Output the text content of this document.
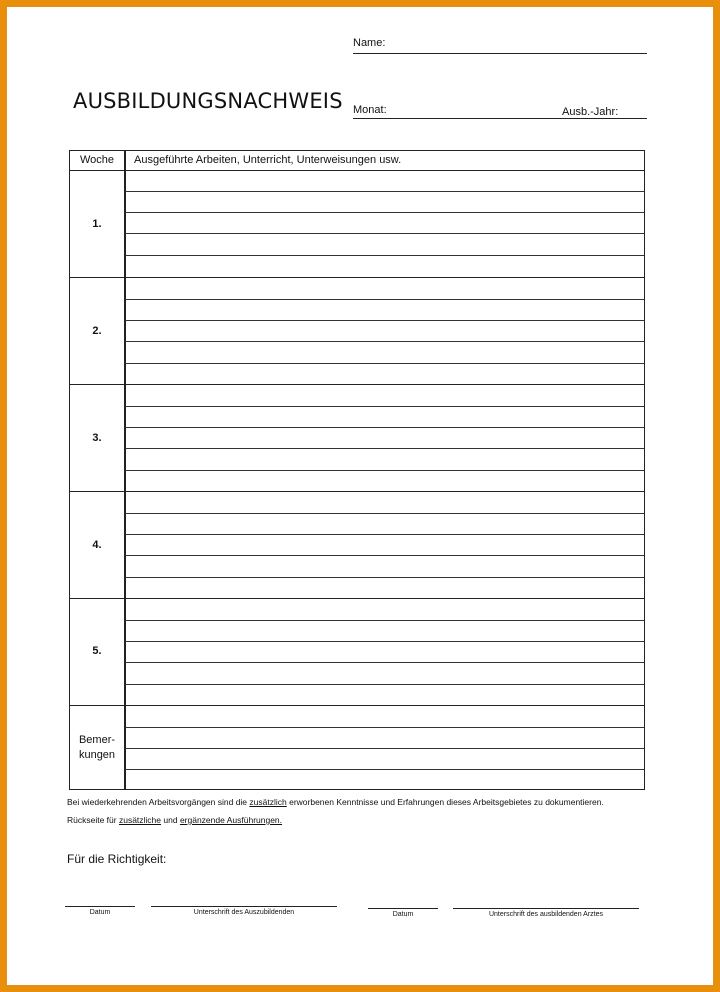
Name:
AUSBILDUNGSNACHWEIS Monat:	Ausb.-Jahr:
Woche	Ausgeführte Arbeiten, Unterricht, Unterweisungen usw.
1.
2.
3.
4.
5.
Bemer-
kungen
Bei wiederkehrenden Arbeitsvorgängen sind die zusätzlich erworbenen Kenntnisse und Erfahrungen dieses Arbeitsgebietes zu dokumentieren.
Rückseite für zusätzliche und ergänzende Ausführungen.
Für die Richtigkeit:
Datum	Unterschrift des Auszubildenden	Datum	Unterschrift des ausbildenden Arztes
